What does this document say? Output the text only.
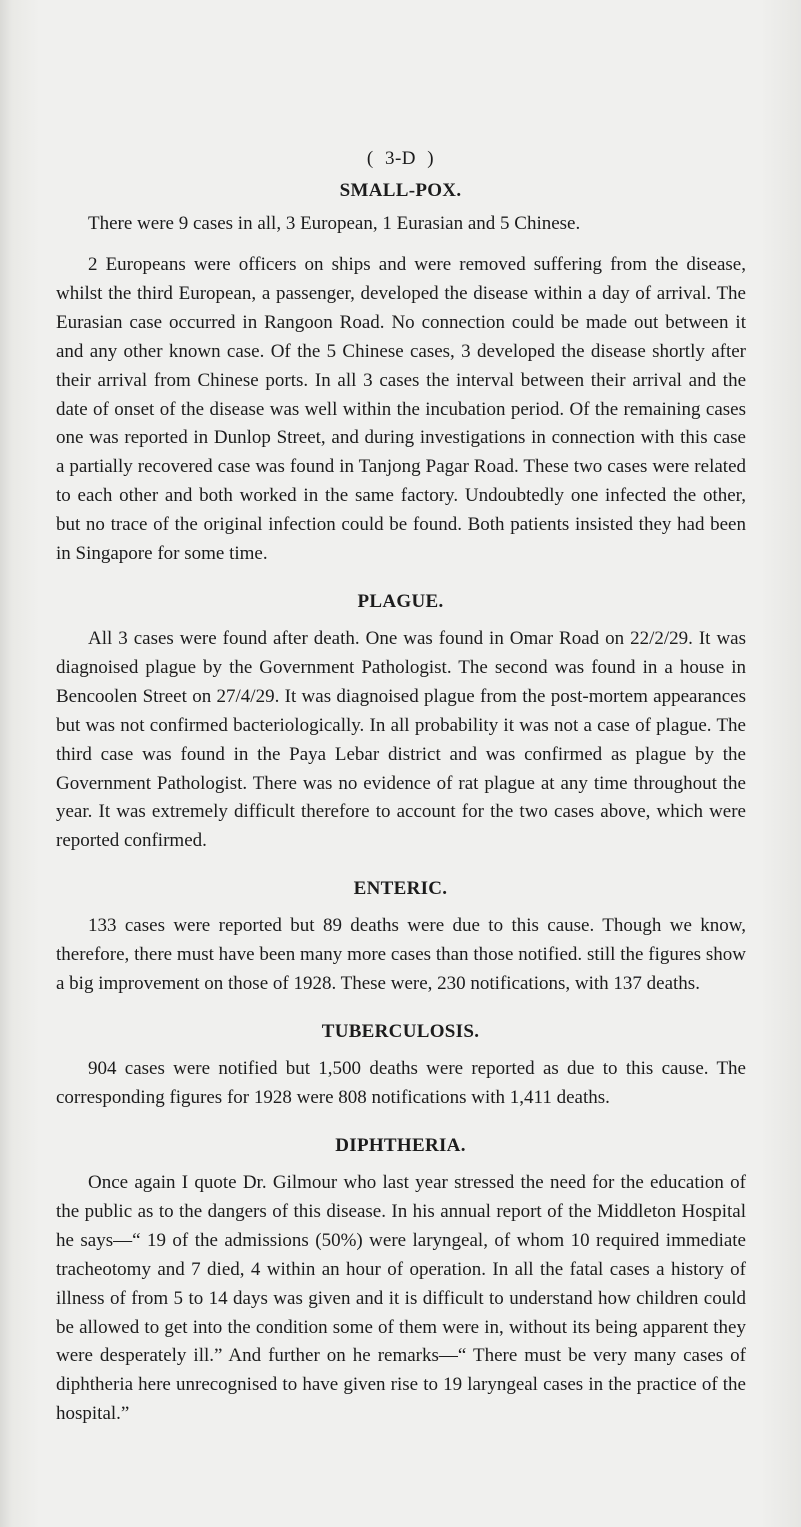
( 3-D )
SMALL-POX.

There were 9 cases in all, 3 European, 1 Eurasian and 5 Chinese.

2 Europeans were officers on ships and were removed suffering from the disease, whilst the third European, a passenger, developed the disease within a day of arrival. The Eurasian case occurred in Rangoon Road. No connection could be made out between it and any other known case. Of the 5 Chinese cases, 3 developed the disease shortly after their arrival from Chinese ports. In all 3 cases the interval between their arrival and the date of onset of the disease was well within the incubation period. Of the remaining cases one was reported in Dunlop Street, and during investigations in connection with this case a partially recovered case was found in Tanjong Pagar Road. These two cases were related to each other and both worked in the same factory. Undoubtedly one infected the other, but no trace of the original infection could be found. Both patients insisted they had been in Singapore for some time.

PLAGUE.

All 3 cases were found after death. One was found in Omar Road on 22/2/29. It was diagnoised plague by the Government Pathologist. The second was found in a house in Bencoolen Street on 27/4/29. It was diagnoised plague from the post-mortem appearances but was not confirmed bacteriologically. In all probability it was not a case of plague. The third case was found in the Paya Lebar district and was confirmed as plague by the Government Pathologist. There was no evidence of rat plague at any time throughout the year. It was extremely difficult therefore to account for the two cases above, which were reported confirmed.

ENTERIC.

133 cases were reported but 89 deaths were due to this cause. Though we know, therefore, there must have been many more cases than those notified. still the figures show a big improvement on those of 1928. These were, 230 notifications, with 137 deaths.

TUBERCULOSIS.

904 cases were notified but 1,500 deaths were reported as due to this cause. The corresponding figures for 1928 were 808 notifications with 1,411 deaths.

DIPHTHERIA.

Once again I quote Dr. Gilmour who last year stressed the need for the education of the public as to the dangers of this disease. In his annual report of the Middleton Hospital he says—“ 19 of the admissions (50%) were laryngeal, of whom 10 required immediate tracheotomy and 7 died, 4 within an hour of operation. In all the fatal cases a history of illness of from 5 to 14 days was given and it is difficult to understand how children could be allowed to get into the condition some of them were in, without its being apparent they were desperately ill.” And further on he remarks—“ There must be very many cases of diphtheria here unrecognised to have given rise to 19 laryngeal cases in the practice of the hospital.”
